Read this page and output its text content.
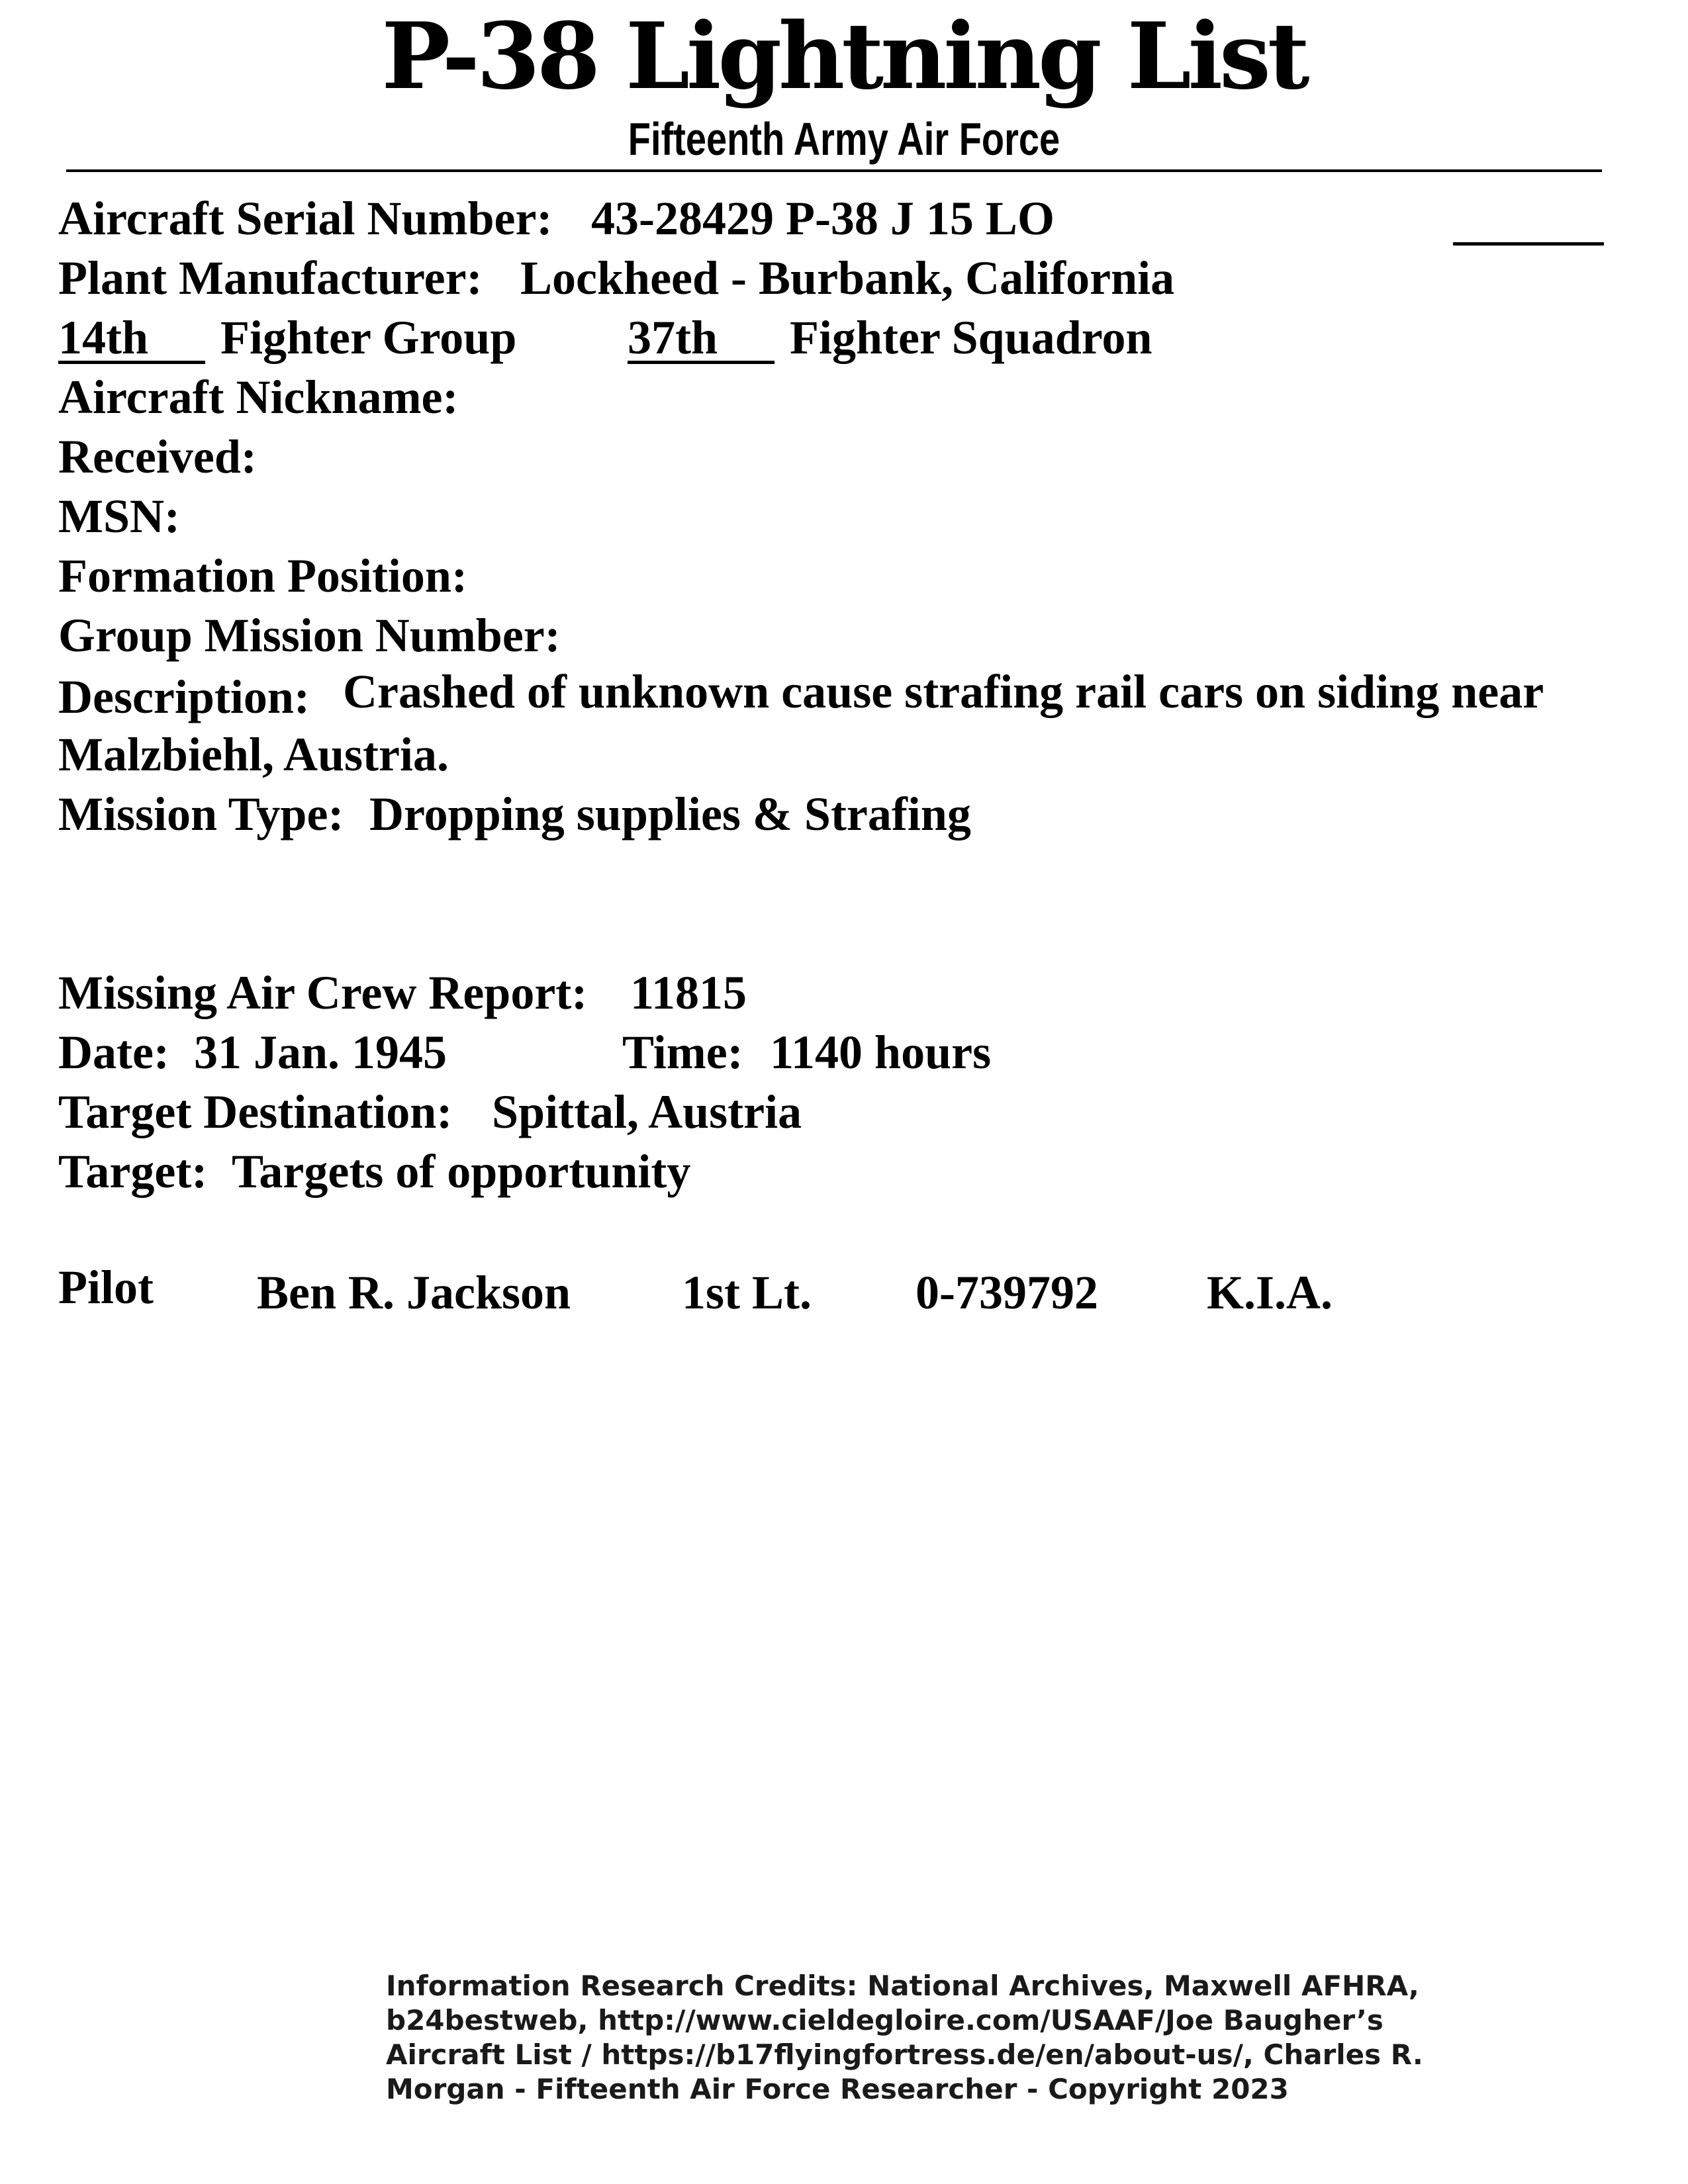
P-38 Lightning List
Fifteenth Army Air Force
Aircraft Serial Number: 43-28429 P-38 J 15 LO
Plant Manufacturer: Lockheed - Burbank, California
14th Fighter Group 37th Fighter Squadron
Aircraft Nickname:
Received:
MSN:
Formation Position:
Group Mission Number:
Description: Crashed of unknown cause strafing rail cars on siding near
Malzbiehl, Austria.
Mission Type: Dropping supplies & Strafing
Missing Air Crew Report: 11815
Date: 31 Jan. 1945	Time: 1140 hours
Target Destination: Spittal, Austria
Target: Targets of opportunity
Pilot Ben R. Jackson 1st Lt. 0-739792 K.I.A.
Information Research Credits: National Archives, Maxwell AFHRA,
b24bestweb, http://www.cieldegloire.com/USAAF/Joe Baugher’s
Aircraft List / https://b17flyingfortress.de/en/about-us/, Charles R.
Morgan - Fifteenth Air Force Researcher - Copyright 2023
